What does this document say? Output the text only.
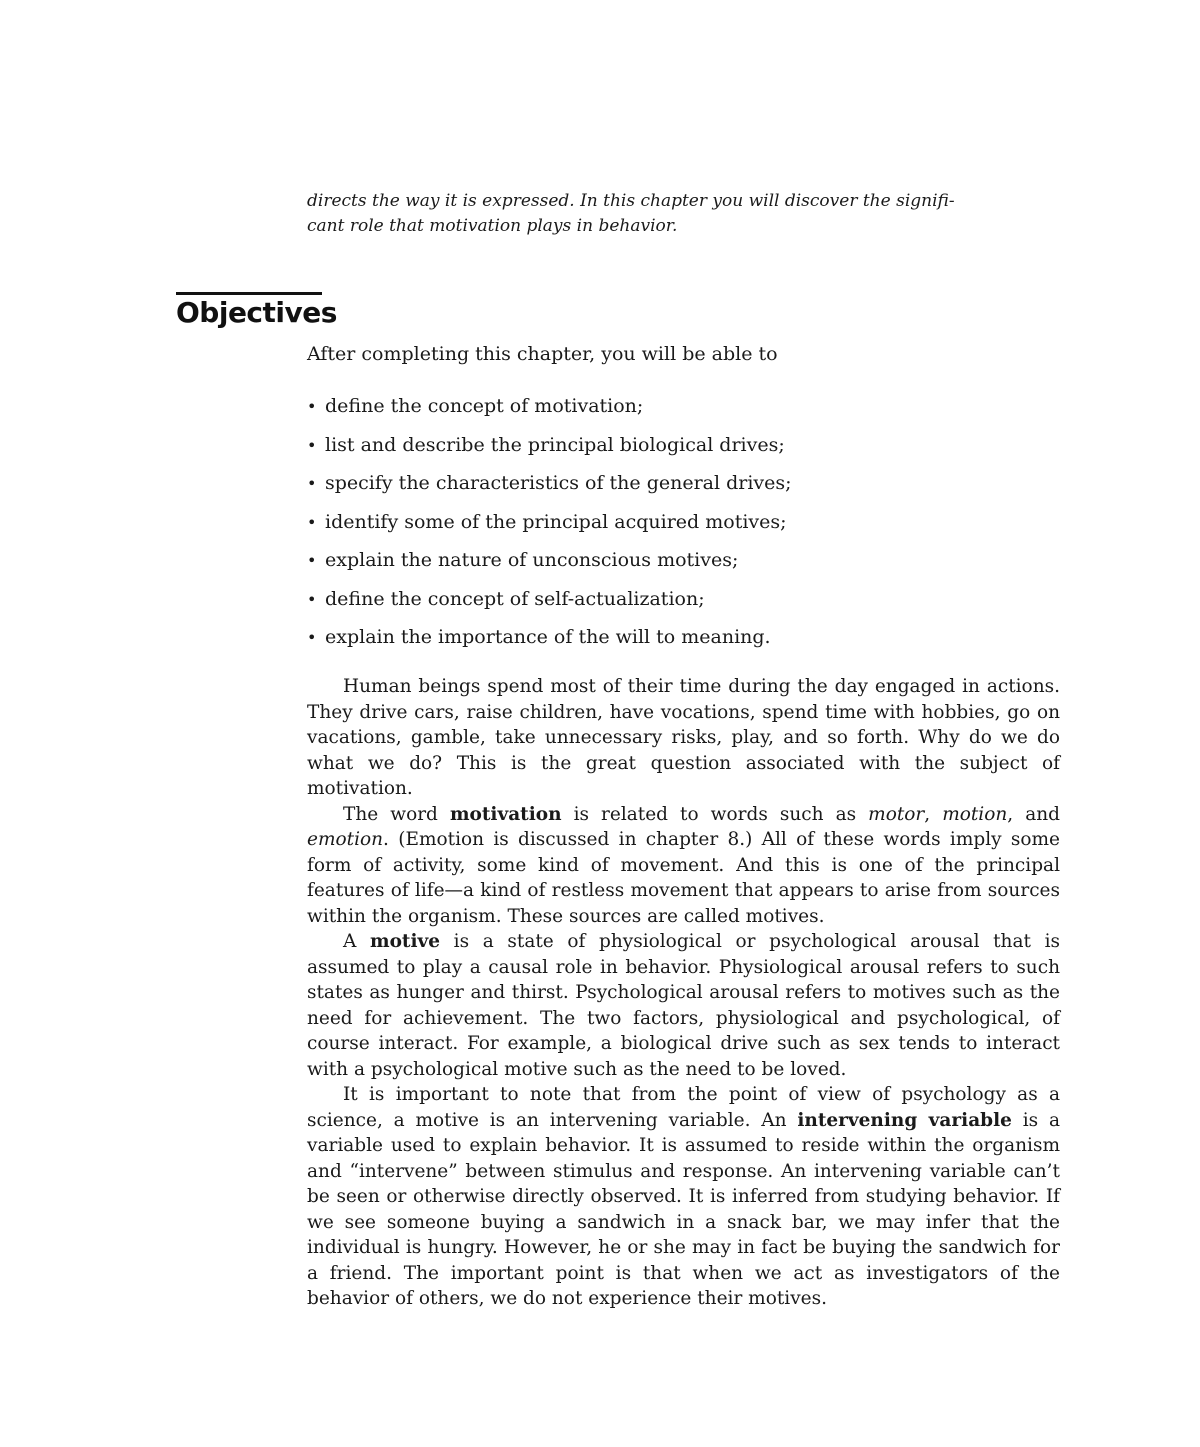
directs the way it is expressed. In this chapter you will discover the signifi-
cant role that motivation plays in behavior.
Objectives

After completing this chapter, you will be able to

• define the concept of motivation;
• list and describe the principal biological drives;
• specify the characteristics of the general drives;
• identify some of the principal acquired motives;
• explain the nature of unconscious motives;
• define the concept of self-actualization;
• explain the importance of the will to meaning.

Human beings spend most of their time during the day engaged in actions. They drive cars, raise children, have vocations, spend time with hobbies, go on vacations, gamble, take unnecessary risks, play, and so forth. Why do we do what we do? This is the great question associated with the subject of motivation.

The word motivation is related to words such as motor, motion, and emotion. (Emotion is discussed in chapter 8.) All of these words imply some form of activity, some kind of movement. And this is one of the principal features of life—a kind of restless movement that appears to arise from sources within the organism. These sources are called motives.

A motive is a state of physiological or psychological arousal that is assumed to play a causal role in behavior. Physiological arousal refers to such states as hunger and thirst. Psychological arousal refers to motives such as the need for achievement. The two factors, physiological and psychological, of course interact. For example, a biological drive such as sex tends to interact with a psychological motive such as the need to be loved.

It is important to note that from the point of view of psychology as a science, a motive is an intervening variable. An intervening variable is a variable used to explain behavior. It is assumed to reside within the organism and “intervene” between stimulus and response. An intervening variable can’t be seen or otherwise directly observed. It is inferred from studying behavior. If we see someone buying a sandwich in a snack bar, we may infer that the individual is hungry. However, he or she may in fact be buying the sandwich for a friend. The important point is that when we act as investigators of the behavior of others, we do not experience their motives.
